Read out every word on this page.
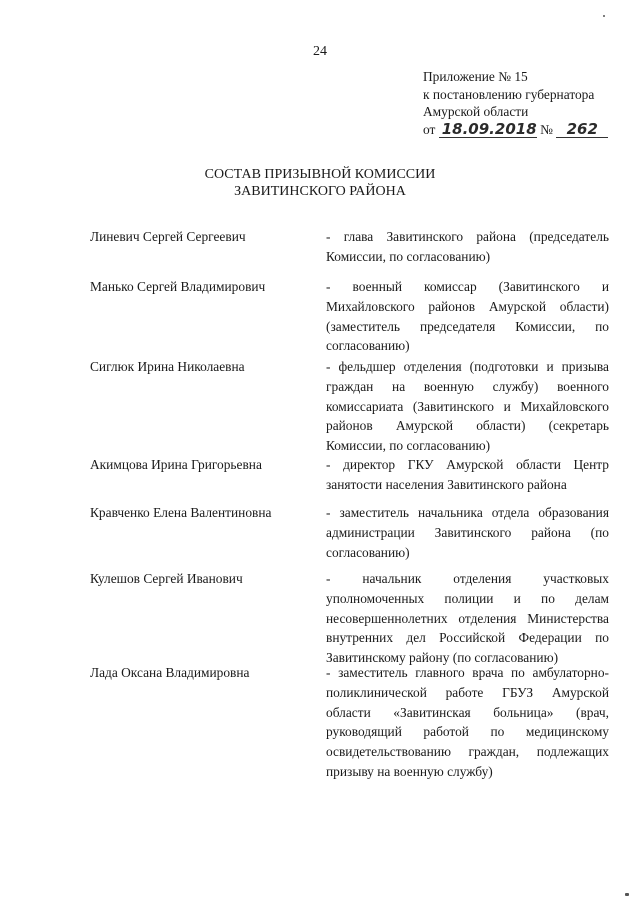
24
Приложение № 15
к постановлению губернатора
Амурской области
от 18.09.2018 № 262
СОСТАВ ПРИЗЫВНОЙ КОМИССИИ
ЗАВИТИНСКОГО РАЙОНА
Линевич Сергей Сергеевич	- глава Завитинского района (председатель Комиссии, по согласованию)
Манько Сергей Владимирович	- военный комиссар (Завитинского и Михайловского районов Амурской области) (заместитель председателя Комиссии, по согласованию)
Сиглюк Ирина Николаевна	- фельдшер отделения (подготовки и призыва граждан на военную службу) военного комиссариата (Завитинского и Михайловского районов Амурской области) (секретарь Комиссии, по согласованию)
Акимцова Ирина Григорьевна	- директор ГКУ Амурской области Центр занятости населения Завитинского района
Кравченко Елена Валентиновна	- заместитель начальника отдела образования администрации Завитинского района (по согласованию)
Кулешов Сергей Иванович	- начальник отделения участковых уполномоченных полиции и по делам несовершеннолетних отделения Министерства внутренних дел Российской Федерации по Завитинскому району (по согласованию)
Лада Оксана Владимировна	- заместитель главного врача по амбулаторно-поликлинической работе ГБУЗ Амурской области «Завитинская больница» (врач, руководящий работой по медицинскому освидетельствованию граждан, подлежащих призыву на военную службу)
